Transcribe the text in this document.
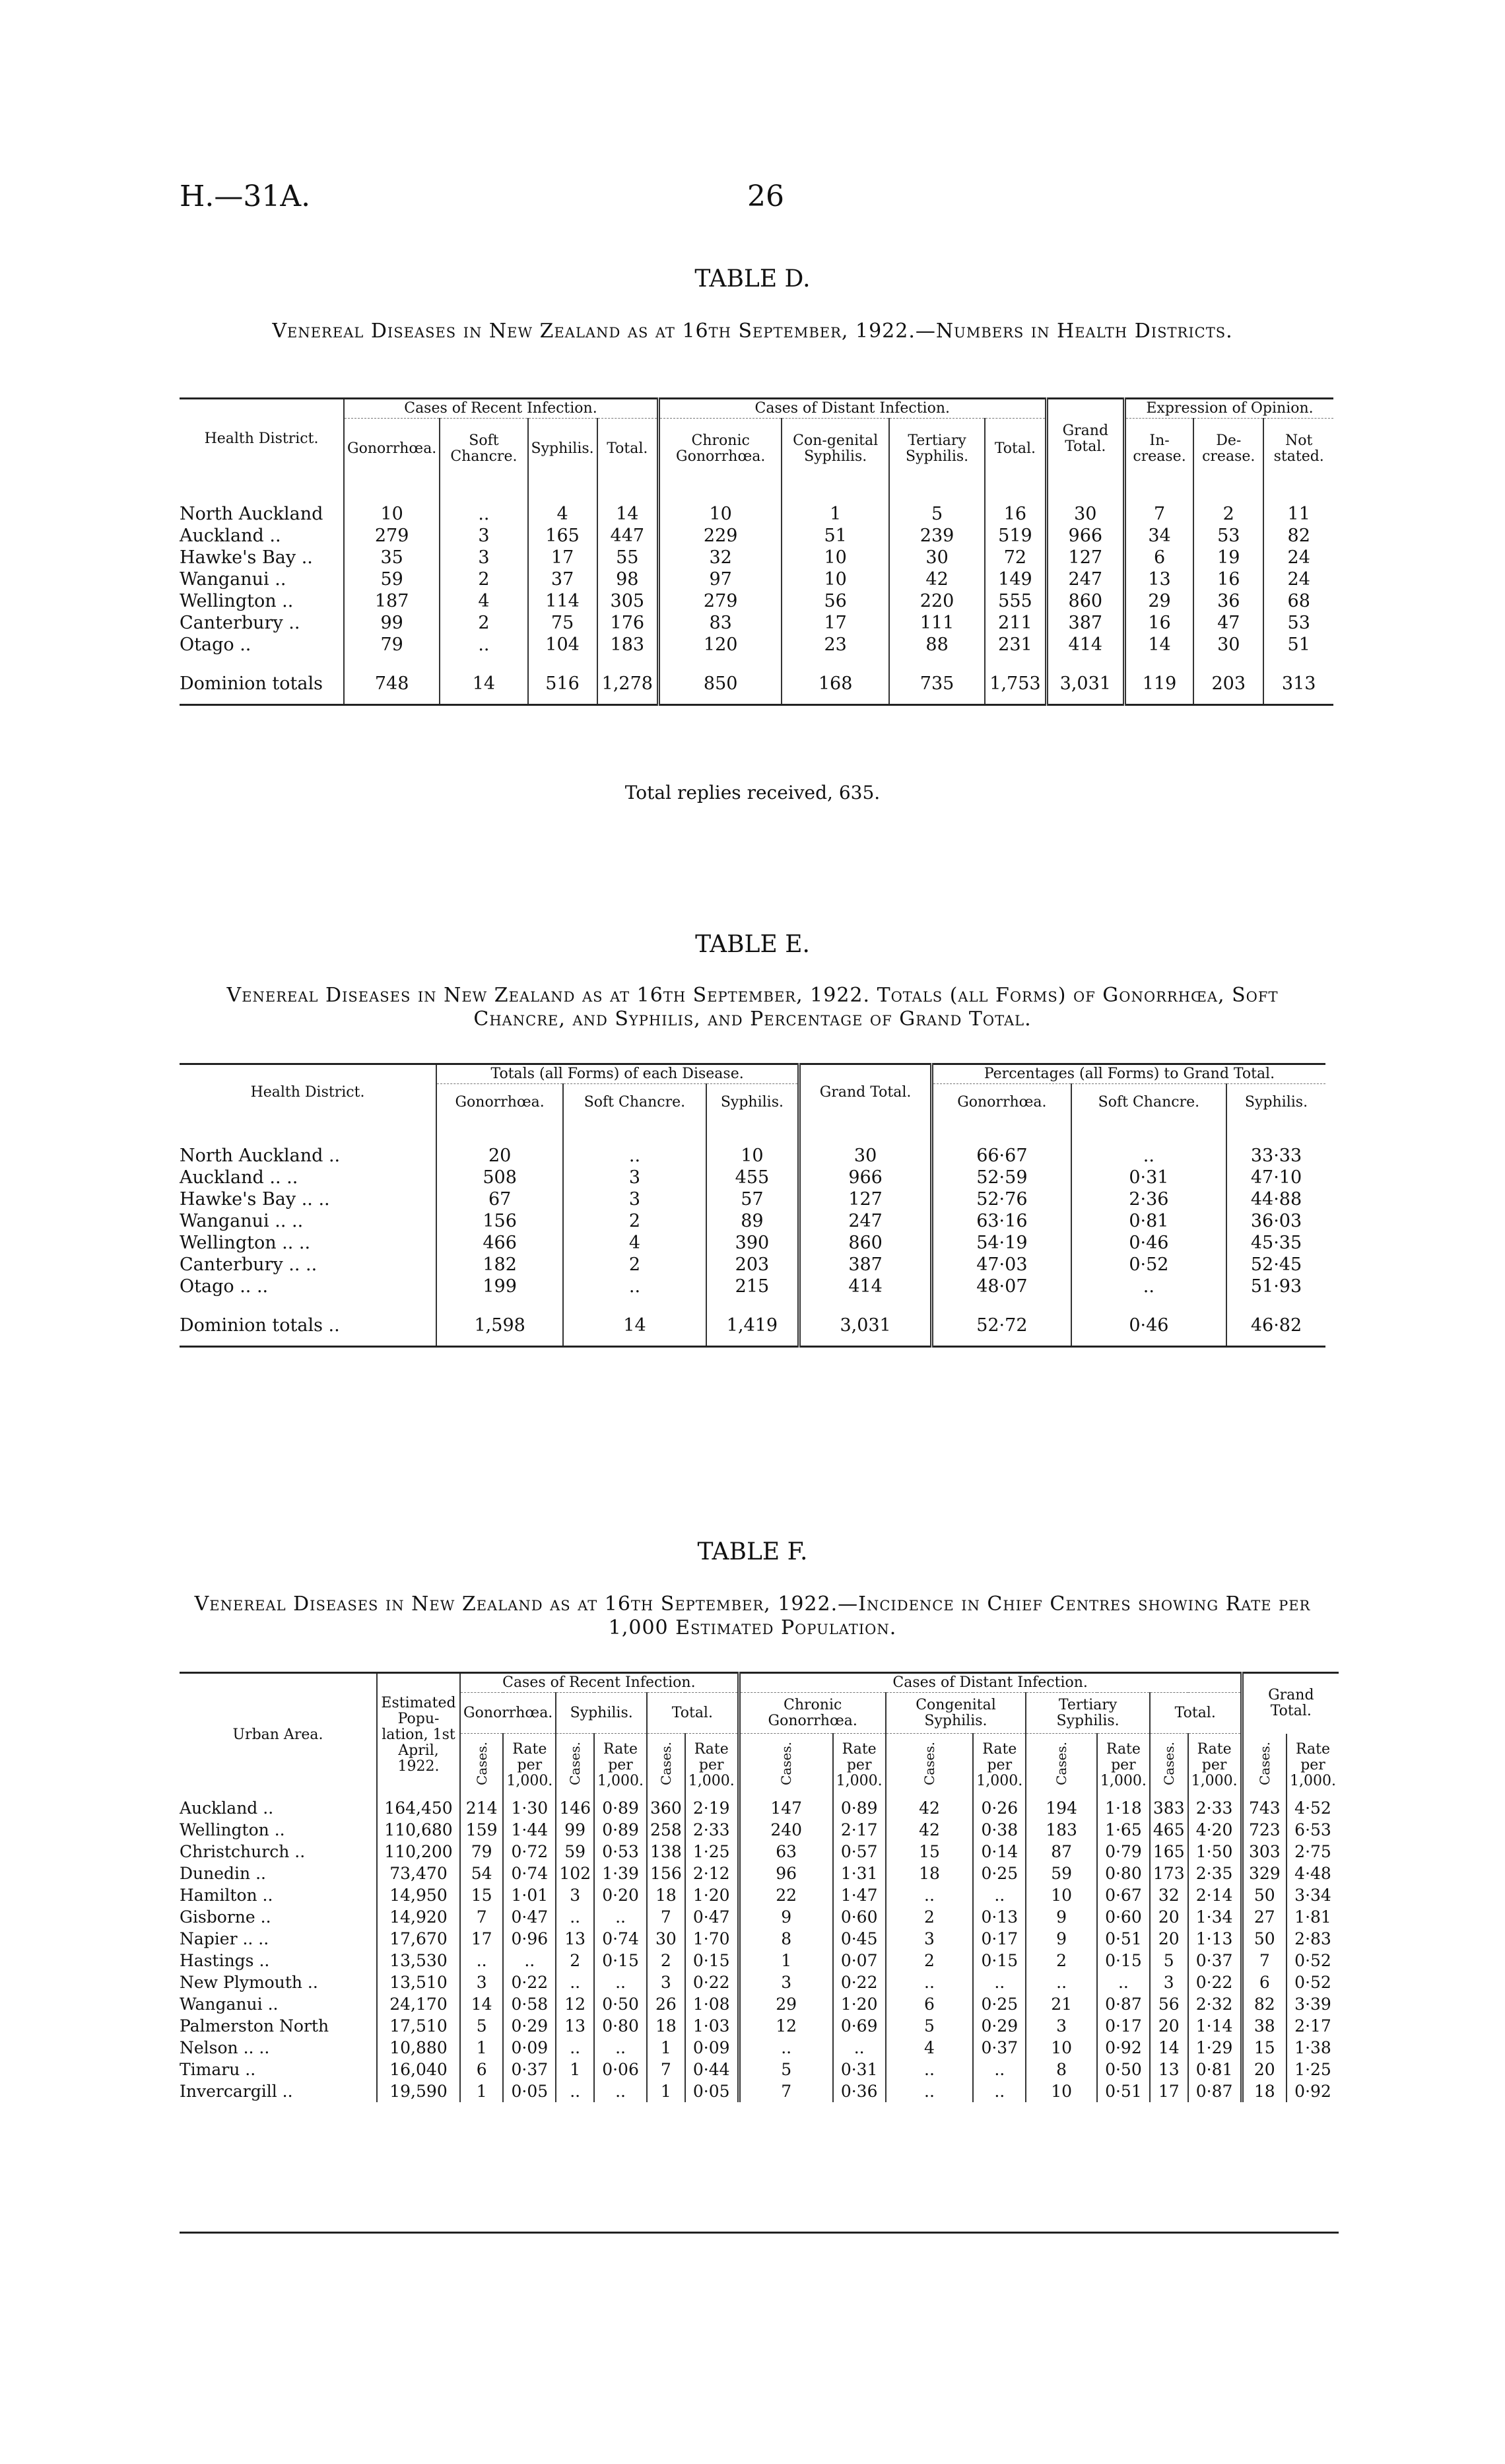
H.—31A.	26
TABLE D.
Venereal Diseases in New Zealand as at 16th September, 1922.—Numbers in Health Districts.
Health District.	Cases of Recent Infection.				Cases of Distant Infection.				Grand Total.	Expression of Opinion.		
	Gonorrhœa.	Soft Chancre.	Syphilis.	Total.	Chronic Gonorrhœa.	Con-genital Syphilis.	Tertiary Syphilis.	Total.		In-crease.	De-crease.	Not stated.
North Auckland	10	..	4	14	10	1	5	16	30	7	2	11
Auckland ..	279	3	165	447	229	51	239	519	966	34	53	82
Hawke's Bay ..	35	3	17	55	32	10	30	72	127	6	19	24
Wanganui ..	59	2	37	98	97	10	42	149	247	13	16	24
Wellington ..	187	4	114	305	279	56	220	555	860	29	36	68
Canterbury ..	99	2	75	176	83	17	111	211	387	16	47	53
Otago ..	79	..	104	183	120	23	88	231	414	14	30	51
Dominion totals	748	14	516	1,278	850	168	735	1,753	3,031	119	203	313
Total replies received, 635.
TABLE E.
Venereal Diseases in New Zealand as at 16th September, 1922. Totals (all Forms) of Gonorrhœa, Soft Chancre, and Syphilis, and Percentage of Grand Total.
Health District.	Totals (all Forms) of each Disease.			Grand Total.	Percentages (all Forms) to Grand Total.		
	Gonorrhœa.	Soft Chancre.	Syphilis.		Gonorrhœa.	Soft Chancre.	Syphilis.
North Auckland ..	20	..	10	30	66·67	..	33·33
Auckland .. ..	508	3	455	966	52·59	0·31	47·10
Hawke's Bay .. ..	67	3	57	127	52·76	2·36	44·88
Wanganui .. ..	156	2	89	247	63·16	0·81	36·03
Wellington .. ..	466	4	390	860	54·19	0·46	45·35
Canterbury .. ..	182	2	203	387	47·03	0·52	52·45
Otago .. ..	199	..	215	414	48·07	..	51·93
Dominion totals ..	1,598	14	1,419	3,031	52·72	0·46	46·82
TABLE F.
Venereal Diseases in New Zealand as at 16th September, 1922.—Incidence in Chief Centres showing Rate per 1,000 Estimated Population.
Urban Area.	Estimated Popu-lation, 1st April, 1922.	Cases of Recent Infection.						Cases of Distant Infection.								Grand Total.	
		Gonorrhœa.		Syphilis.		Total.		Chronic Gonorrhœa.		Congenital Syphilis.		Tertiary Syphilis.		Total.			
		Cases.	Rate per 1,000.	Cases.	Rate per 1,000.	Cases.	Rate per 1,000.	Cases.	Rate per 1,000.	Cases.	Rate per 1,000.	Cases.	Rate per 1,000.	Cases.	Rate per 1,000.	Cases.	Rate per 1,000.
Auckland ..	164,450	214	1·30	146	0·89	360	2·19	147	0·89	42	0·26	194	1·18	383	2·33	743	4·52
Wellington ..	110,680	159	1·44	99	0·89	258	2·33	240	2·17	42	0·38	183	1·65	465	4·20	723	6·53
Christchurch ..	110,200	79	0·72	59	0·53	138	1·25	63	0·57	15	0·14	87	0·79	165	1·50	303	2·75
Dunedin ..	73,470	54	0·74	102	1·39	156	2·12	96	1·31	18	0·25	59	0·80	173	2·35	329	4·48
Hamilton ..	14,950	15	1·01	3	0·20	18	1·20	22	1·47	..	..	10	0·67	32	2·14	50	3·34
Gisborne ..	14,920	7	0·47	..	..	7	0·47	9	0·60	2	0·13	9	0·60	20	1·34	27	1·81
Napier .. ..	17,670	17	0·96	13	0·74	30	1·70	8	0·45	3	0·17	9	0·51	20	1·13	50	2·83
Hastings ..	13,530	..	..	2	0·15	2	0·15	1	0·07	2	0·15	2	0·15	5	0·37	7	0·52
New Plymouth ..	13,510	3	0·22	..	..	3	0·22	3	0·22	..	..	..	..	3	0·22	6	0·52
Wanganui ..	24,170	14	0·58	12	0·50	26	1·08	29	1·20	6	0·25	21	0·87	56	2·32	82	3·39
Palmerston North	17,510	5	0·29	13	0·80	18	1·03	12	0·69	5	0·29	3	0·17	20	1·14	38	2·17
Nelson .. ..	10,880	1	0·09	..	..	1	0·09	..	..	4	0·37	10	0·92	14	1·29	15	1·38
Timaru ..	16,040	6	0·37	1	0·06	7	0·44	5	0·31	..	..	8	0·50	13	0·81	20	1·25
Invercargill ..	19,590	1	0·05	..	..	1	0·05	7	0·36	..	..	10	0·51	17	0·87	18	0·92
